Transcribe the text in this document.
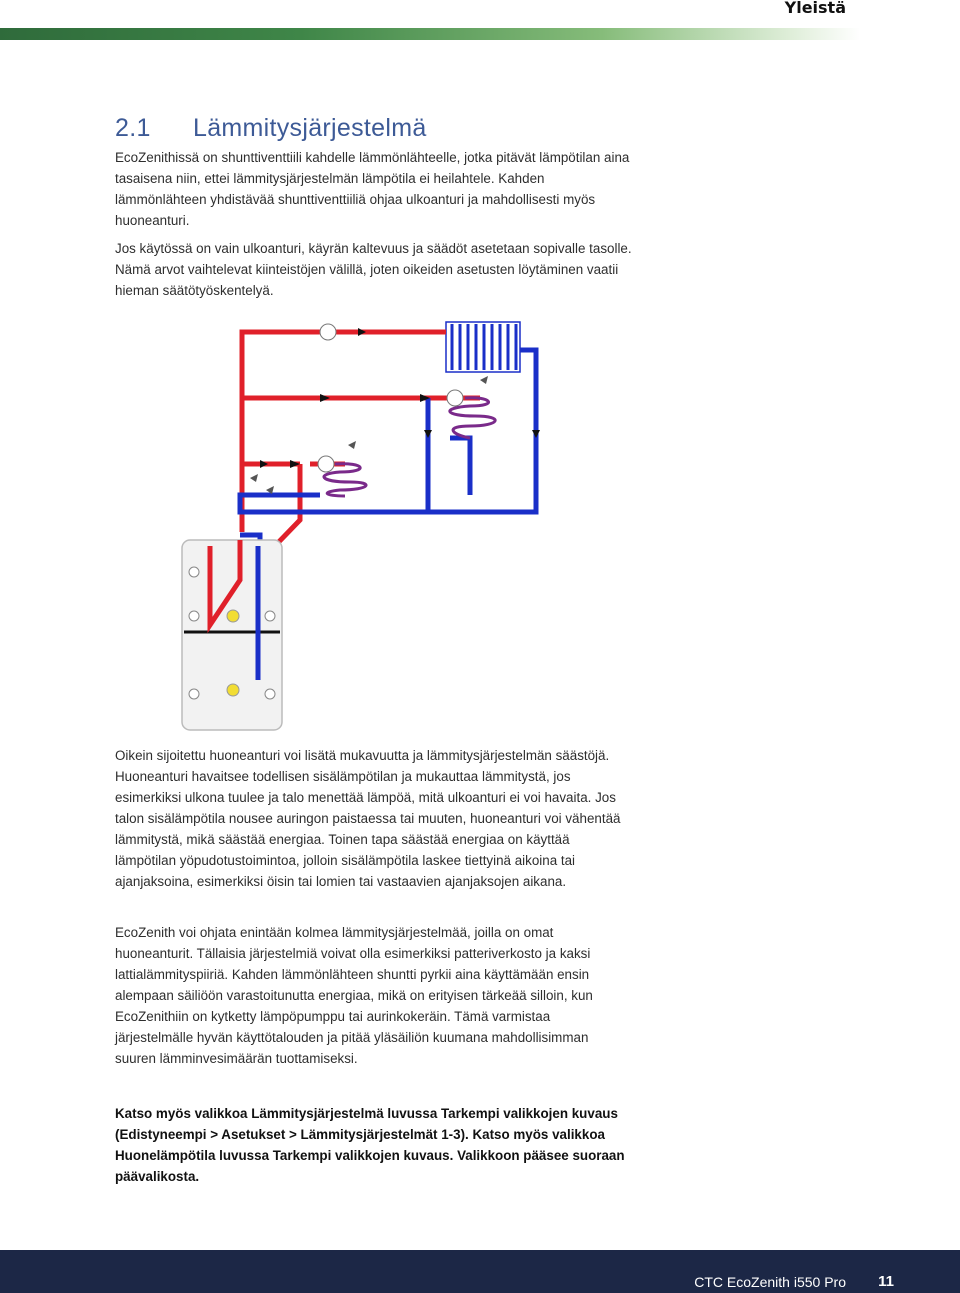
Yleistä
2.1 Lämmitysjärjestelmä

EcoZenithissä on shunttiventtiili kahdelle lämmönlähteelle, jotka pitävät lämpötilan aina tasaisena niin, ettei lämmitysjärjestelmän lämpötila ei heilahtele. Kahden lämmönlähteen yhdistävää shunttiventtiiliä ohjaa ulkoanturi ja mahdollisesti myös huoneanturi.

Jos käytössä on vain ulkoanturi, käyrän kaltevuus ja säädöt asetetaan sopivalle tasolle. Nämä arvot vaihtelevat kiinteistöjen välillä, joten oikeiden asetusten löytäminen vaatii hieman säätötyöskentelyä.

Oikein sijoitettu huoneanturi voi lisätä mukavuutta ja lämmitysjärjestelmän säästöjä. Huoneanturi havaitsee todellisen sisälämpötilan ja mukauttaa lämmitystä, jos esimerkiksi ulkona tuulee ja talo menettää lämpöä, mitä ulkoanturi ei voi havaita. Jos talon sisälämpötila nousee auringon paistaessa tai muuten, huoneanturi voi vähentää lämmitystä, mikä säästää energiaa. Toinen tapa säästää energiaa on käyttää lämpötilan yöpudotustoimintoa, jolloin sisälämpötila laskee tiettyinä aikoina tai ajanjaksoina, esimerkiksi öisin tai lomien tai vastaavien ajanjaksojen aikana.

EcoZenith voi ohjata enintään kolmea lämmitysjärjestelmää, joilla on omat huoneanturit. Tällaisia järjestelmiä voivat olla esimerkiksi patteriverkosto ja kaksi lattialämmityspiiriä. Kahden lämmönlähteen shuntti pyrkii aina käyttämään ensin alempaan säiliöön varastoitunutta energiaa, mikä on erityisen tärkeää silloin, kun EcoZenithiin on kytketty lämpöpumppu tai aurinkokeräin. Tämä varmistaa järjestelmälle hyvän käyttötalouden ja pitää yläsäiliön kuumana mahdollisimman suuren lämminvesimäärän tuottamiseksi.

Katso myös valikkoa Lämmitysjärjestelmä luvussa Tarkempi valikkojen kuvaus (Edistyneempi > Asetukset > Lämmitysjärjestelmät 1-3). Katso myös valikkoa Huonelämpötila luvussa Tarkempi valikkojen kuvaus. Valikkoon pääsee suoraan päävalikosta.

CTC EcoZenith i550 Pro 11
